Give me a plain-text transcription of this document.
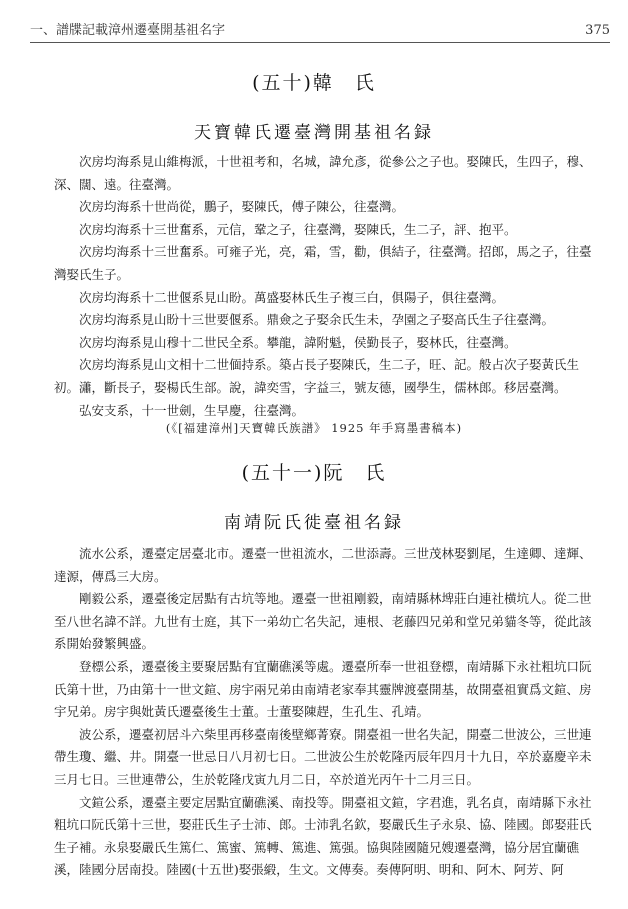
一、譜牒記載漳州遷臺開基祖名字	375
(五十)韓　氏
天寶韓氏遷臺灣開基祖名録

次房均海系見山維梅派，十世祖考和，名城，諱允彥，從參公之子也。娶陳氏，生四子，穆、深、闊、遠。往臺灣。

次房均海系十世尚從，鵬子，娶陳氏，傅子陳公，往臺灣。

次房均海系十三世奮系，元信，鞏之子，往臺灣，娶陳氏，生二子，評、抱平。

次房均海系十三世奮系。可雍子光，亮，霜，雪，勸，俱結子，往臺灣。招郎，馬之子，往臺灣娶氏生子。

次房均海系十二世偃系見山盼。萬盛娶林氏生子複三白，俱陽子，俱往臺灣。

次房均海系見山盼十三世要偃系。鼎僉之子娶余氏生未，孕園之子娶高氏生子往臺灣。

次房均海系見山穆十二世民全系。攀龍，諱附魁，侯勤長子，娶林氏，往臺灣。

次房均海系見山文相十二世偭持系。築占長子娶陳氏，生二子，旺、記。般占次子娶黃氏生初。瀟，斷長子，娶楊氏生部。說，諱奕雪，字益三，號友德，國學生，儒林郎。移居臺灣。

弘安支系，十一世劍，生早慶，往臺灣。

(《[福建漳州]天寶韓氏族譜》 1925 年手寫墨書稿本)
(五十一)阮　氏
南靖阮氏徙臺祖名録

流水公系，遷臺定居臺北市。遷臺一世祖流水，二世添壽。三世茂林娶劉尾，生達卿、達輝、達源，傳爲三大房。

剛毅公系，遷臺後定居點有古坑等地。遷臺一世祖剛毅，南靖縣林埤莊白連社横坑人。從二世至八世名諱不詳。九世有士庭，其下一弟幼亡名失記，連根、老藤四兄弟和堂兄弟貓冬等，從此該系開始發繁興盛。

登標公系，遷臺後主要聚居點有宜蘭礁溪等處。遷臺所奉一世祖登標，南靖縣下永社粗坑口阮氏第十世，乃由第十一世文鍹、房宇兩兄弟由南靖老家奉其靈牌渡臺開基，故開臺祖實爲文鍹、房宇兄弟。房宇與妣黃氏遷臺後生士董。士董娶陳趕，生孔生、孔靖。

波公系，遷臺初居斗六柴里再移臺南後壁鄉菁寮。開臺祖一世名失記，開臺二世波公，三世連帶生瓊、繼、井。開臺一世忌日八月初七日。二世波公生於乾隆丙辰年四月十九日，卒於嘉慶辛未三月七日。三世連帶公，生於乾隆戊寅九月二日，卒於道光丙午十二月三日。

文鍹公系，遷臺主要定居點宜蘭礁溪、南投等。開臺祖文鍹，字君進，乳名貞，南靖縣下永社粗坑口阮氏第十三世，娶莊氏生子士沛、郎。士沛乳名欽，娶嚴氏生子永泉、協、陸國。郎娶莊氏生子補。永泉娶嚴氏生篤仁、篤蜜、篤轉、篤進、篤强。協與陸國隨兄嫂遷臺灣，協分居宜蘭礁溪，陸國分居南投。陸國(十五世)娶張緞，生文。文傳奏。奏傳阿明、明和、阿木、阿芳、阿
